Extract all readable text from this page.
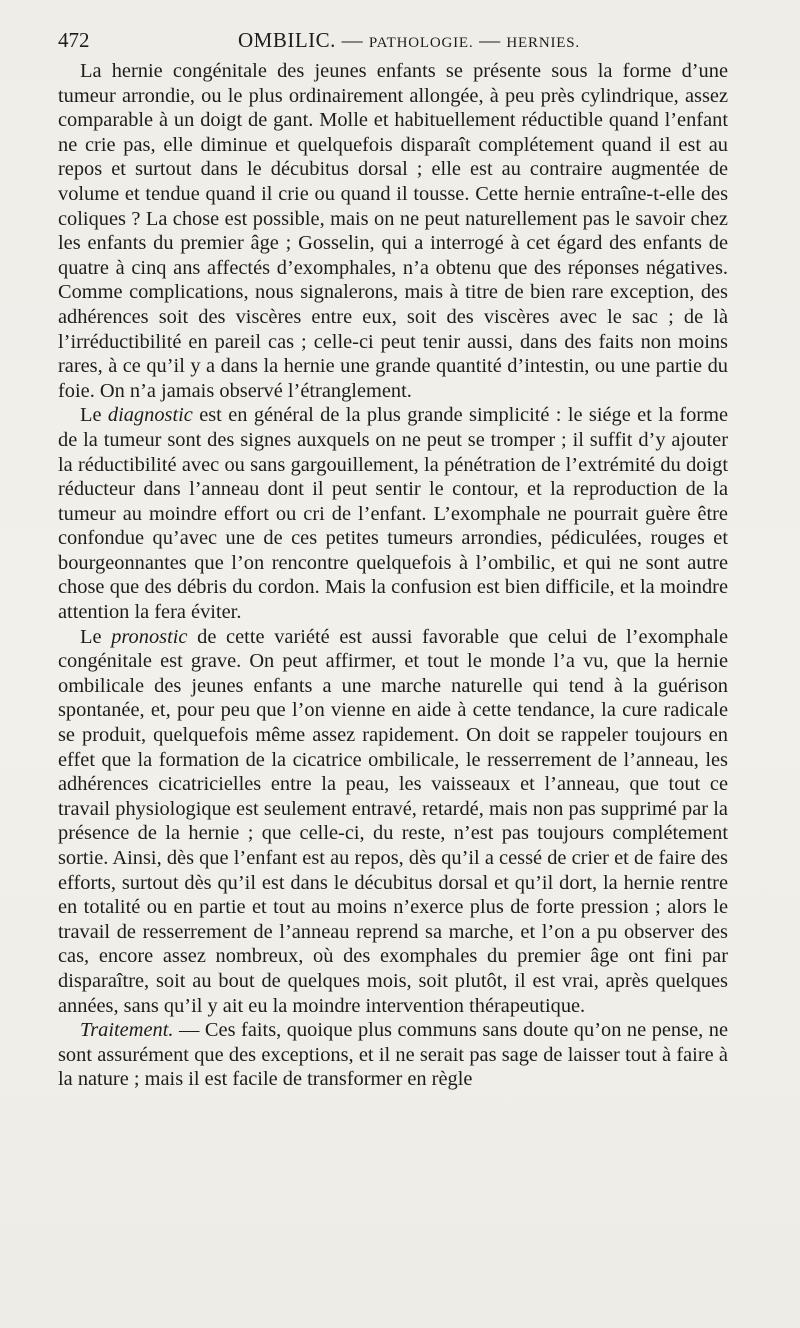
472	OMBILIC. — PATHOLOGIE. — HERNIES.

La hernie congénitale des jeunes enfants se présente sous la forme d’une tumeur arrondie, ou le plus ordinairement allongée, à peu près cylindrique, assez comparable à un doigt de gant. Molle et habituellement réductible quand l’enfant ne crie pas, elle diminue et quelquefois disparaît complétement quand il est au repos et surtout dans le décubitus dorsal ; elle est au contraire augmentée de volume et tendue quand il crie ou quand il tousse. Cette hernie entraîne-t-elle des coliques ? La chose est possible, mais on ne peut naturellement pas le savoir chez les enfants du premier âge ; Gosselin, qui a interrogé à cet égard des enfants de quatre à cinq ans affectés d’exomphales, n’a obtenu que des réponses négatives. Comme complications, nous signalerons, mais à titre de bien rare exception, des adhérences soit des viscères entre eux, soit des viscères avec le sac ; de là l’irréductibilité en pareil cas ; celle-ci peut tenir aussi, dans des faits non moins rares, à ce qu’il y a dans la hernie une grande quantité d’intestin, ou une partie du foie. On n’a jamais observé l’étranglement.

Le diagnostic est en général de la plus grande simplicité : le siége et la forme de la tumeur sont des signes auxquels on ne peut se tromper ; il suffit d’y ajouter la réductibilité avec ou sans gargouillement, la pénétration de l’extrémité du doigt réducteur dans l’anneau dont il peut sentir le contour, et la reproduction de la tumeur au moindre effort ou cri de l’enfant. L’exomphale ne pourrait guère être confondue qu’avec une de ces petites tumeurs arrondies, pédiculées, rouges et bourgeonnantes que l’on rencontre quelquefois à l’ombilic, et qui ne sont autre chose que des débris du cordon. Mais la confusion est bien difficile, et la moindre attention la fera éviter.

Le pronostic de cette variété est aussi favorable que celui de l’exomphale congénitale est grave. On peut affirmer, et tout le monde l’a vu, que la hernie ombilicale des jeunes enfants a une marche naturelle qui tend à la guérison spontanée, et, pour peu que l’on vienne en aide à cette tendance, la cure radicale se produit, quelquefois même assez rapidement. On doit se rappeler toujours en effet que la formation de la cicatrice ombilicale, le resserrement de l’anneau, les adhérences cicatricielles entre la peau, les vaisseaux et l’anneau, que tout ce travail physiologique est seulement entravé, retardé, mais non pas supprimé par la présence de la hernie ; que celle-ci, du reste, n’est pas toujours complétement sortie. Ainsi, dès que l’enfant est au repos, dès qu’il a cessé de crier et de faire des efforts, surtout dès qu’il est dans le décubitus dorsal et qu’il dort, la hernie rentre en totalité ou en partie et tout au moins n’exerce plus de forte pression ; alors le travail de resserrement de l’anneau reprend sa marche, et l’on a pu observer des cas, encore assez nombreux, où des exomphales du premier âge ont fini par disparaître, soit au bout de quelques mois, soit plutôt, il est vrai, après quelques années, sans qu’il y ait eu la moindre intervention thérapeutique.

Traitement. — Ces faits, quoique plus communs sans doute qu’on ne pense, ne sont assurément que des exceptions, et il ne serait pas sage de laisser tout à faire à la nature ; mais il est facile de transformer en règle
